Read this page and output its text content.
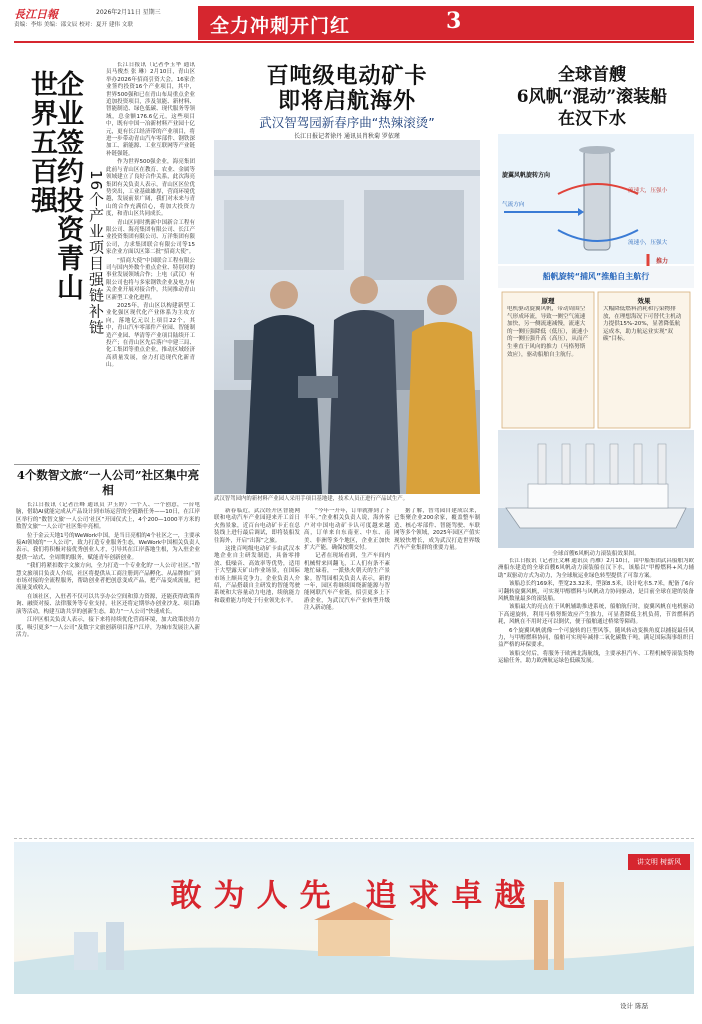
長江日報	2026年2月11日 星期三
责编：李炜 美编：邵文辰 校对：夏开 建伟 文联	全力冲刺开门红	3
世界五百强
企业签约投资青山 16个产业项目强链补链

长江日报讯（记者李玉华 通讯员马俊杰 张 琳）2月10日，青山区举办2026年招商引资大会，16家企业签约投资16个产业项目，其中，世界500强和已在青山布局重点企业追加投资项目，涉及氢能、新材料、智能制造、绿色低碳、现代服务等领域，总金额176.6亿元，这些项目中，既有中国一冶新材料产业园十亿元，更有长江经济带的产业项目，将进一步带动青山汽车零部件、钢铁深加工、新能源、工业互联网等产业链补链强链。

作为世界500强企业，海亮集团此前与青山区在教育、农业、金属等领域建立了良好合作关系，此次海亮集团有关负责人表示，青山区区位优势突出，工业基础雄厚，营商环境优越，发展前景广阔，我们对未来与青山的合作充满信心，将加大投资力度，和青山区共同成长。

青山区同时携新中国新合工程有限公司、海亮集团有限公司、长江产业投资集团有限公司、万洋集团有限公司，力求集团联合有限公司等15家企业方面以区第二批“招商大使”。

“招商大使”中国联合工程有限公司与国内外数个重点企业、特别对的事业发展领域合作；上电（武汉）有限公司也将与多家钢铁企业及电力有关企业开展对接合作，共同推动青山区新型工业化进程。

2025年，青山区以构建新型工业化强区现代化产业体系为主攻方向，落地亿元以上项目22个，其中，青山汽车零部件产业园、智能制造产业园、华清等产业项目陆续开工投产；在青山区先后落户中建三局、化工集团等重点企业，推动区域经济高质量发展，奋力打造现代化新青山。

4个数智文旅“一人公司”社区集中亮相

长江日报讯（记者汪峰 通讯员 尹玉婷）一个人、一个创意，一台电脑，借助AI就能完成从产品设计到市场运营的全链路任务——10日，在江岸区举行的“数智文旅‘一人公司’社区”开园仪式上，4个200—1000平方米的数智文旅“一人公司”社区集中亮相。

位于金云天地1号的WeWork中国，是当日亮相的4个社区之一，主要承接AI领域的“一人公司”，致力打造专业服务生态，WeWork中国相关负责人表示，我们将积极对接优秀创业人才，引导其在江岸落地生根，为入驻企业提供一站式、全周期的服务，赋能青年创新创业。

“我们将紧扣数字文旅方向，全力打造一个专业化的‘一人公司’社区。”智慧文旅项目负责人介绍，社区将提供从工商注册到产品孵化、从品牌推广到市场对接的全流程服务，帮助创业者把创意变成产品，把产品变成流量，把流量变成收入。

在该社区，入驻者不仅可以共享办公空间和算力资源，还能获得政策咨询、融资对接、法律服务等专业支持。社区还将定期举办创业沙龙、项目路演等活动，构建互助共享的创新生态，助力“一人公司”快速成长。

江岸区相关负责人表示，接下来将持续优化营商环境，加大政策扶持力度，吸引更多“一人公司”及数字文旅创新项目落户江岸，为城市发展注入新活力。

百吨级电动矿卡
即将启航海外
武汉智驾园新春序曲“热辣滚烫”
长江日报记者徐丹 通讯员肖秋菊 罗依瑾
武汉智驾园内的新材料产业园人采用手项目基地建，技术人员正进行产品试生产。

新春临近，武汉经开区智能网联和电动汽车产业园迎来开工首日火热景象，近百台电动矿卡正在总装线上进行最后调试，即将装船发往海外，开启“出海”之旅。

这批百吨级电动矿卡由武汉本地企业自主研发制造，具备零排放、低噪音、高效率等优势，适用于大型露天矿山作业场景，在国际市场上颇具竞争力。企业负责人介绍，产品搭载自主研发的智能驾驶系统和大容量动力电池，续航能力和载重能力均处于行业领先水平。

“今年一开年，订单就排到了下半年。”企业相关负责人说，海外客户对中国电动矿卡认可度越来越高，订单来自东南亚、中东、南美、非洲等多个地区，企业正加快扩大产能，确保按期交付。

记者在现场看到，生产车间内机械臂来回翻飞，工人们有条不紊地忙碌着，一派热火朝天的生产景象。智驾园相关负责人表示，新的一年，园区将继续围绕新能源与智能网联汽车产业链，招引更多上下游企业，为武汉汽车产业转型升级注入新动能。

据了解，智驾园自建成以来，已集聚企业200余家，覆盖整车制造、核心零部件、智能驾驶、车联网等多个领域，2025年园区产值实现较快增长，成为武汉打造世界级汽车产业集群的重要力量。

全球首艘
6风帆“混动”滚装船
在汉下水
旋翼风帆旋转方向
流速大，压强小
气流方向
流速小，压强大
推力
船帆旋转“捕风”推船自主航行
原理
电机驱动旋翼风帆，带动周围空气形成环流，导致一侧空气流速加快，另一侧流速减慢，流速大的一侧压强降低（低压），流速小的一侧压强升高（高压），从而产生垂直于风向的推力（马格努斯效应），驱动船舶自主航行。
效果
大幅降低燃料消耗和污染物排放，在理想海况下可替代主机动力提供15%-20%，显著降低航运成本，助力航运业实现“双碳”目标。
全球首艘6风帆动力滚装船效果图。

长江日报讯（记者汪文琳 通讯员 肖雁）2月10日，由中船集团武昌船舶为欧洲船东建造的全球首艘6风帆动力滚装船在汉下水，该船以“甲醇燃料+风力辅助”双驱动方式为动力，为全球航运业绿色转型提供了可靠方案。

该船总长约169米，型宽23.32米，型深8.5米，设计吃水5.7米，配备了6台可翻转旋翼风帆，可实现甲醇燃料与风帆动力协同驱动，是目前全球在建的装备风帆数量最多的滚装船。

该船最大的亮点在于风帆辅助推进系统，船舶航行时，旋翼风帆在电机驱动下高速旋转，利用马格努斯效应产生推力，可显著降低主机负荷，节省燃料消耗，风帆在不用时还可以倒伏，便于船舶通过桥梁等障碍。

6个旋翼风帆就像一个可旋转的巨型风筝，随风转动变换角度以捕捉最佳风力，与甲醇燃料协同，船舶可实现年减排二氧化碳数千吨，满足国际海事组织日益严格的环保要求。

该船交付后，将服务于欧洲北海航线，主要承担汽车、工程机械等滚装货物运输任务，助力欧洲航运绿色低碳发展。

敢为人先 追求卓越
讲文明 树新风
设计 陈磊
